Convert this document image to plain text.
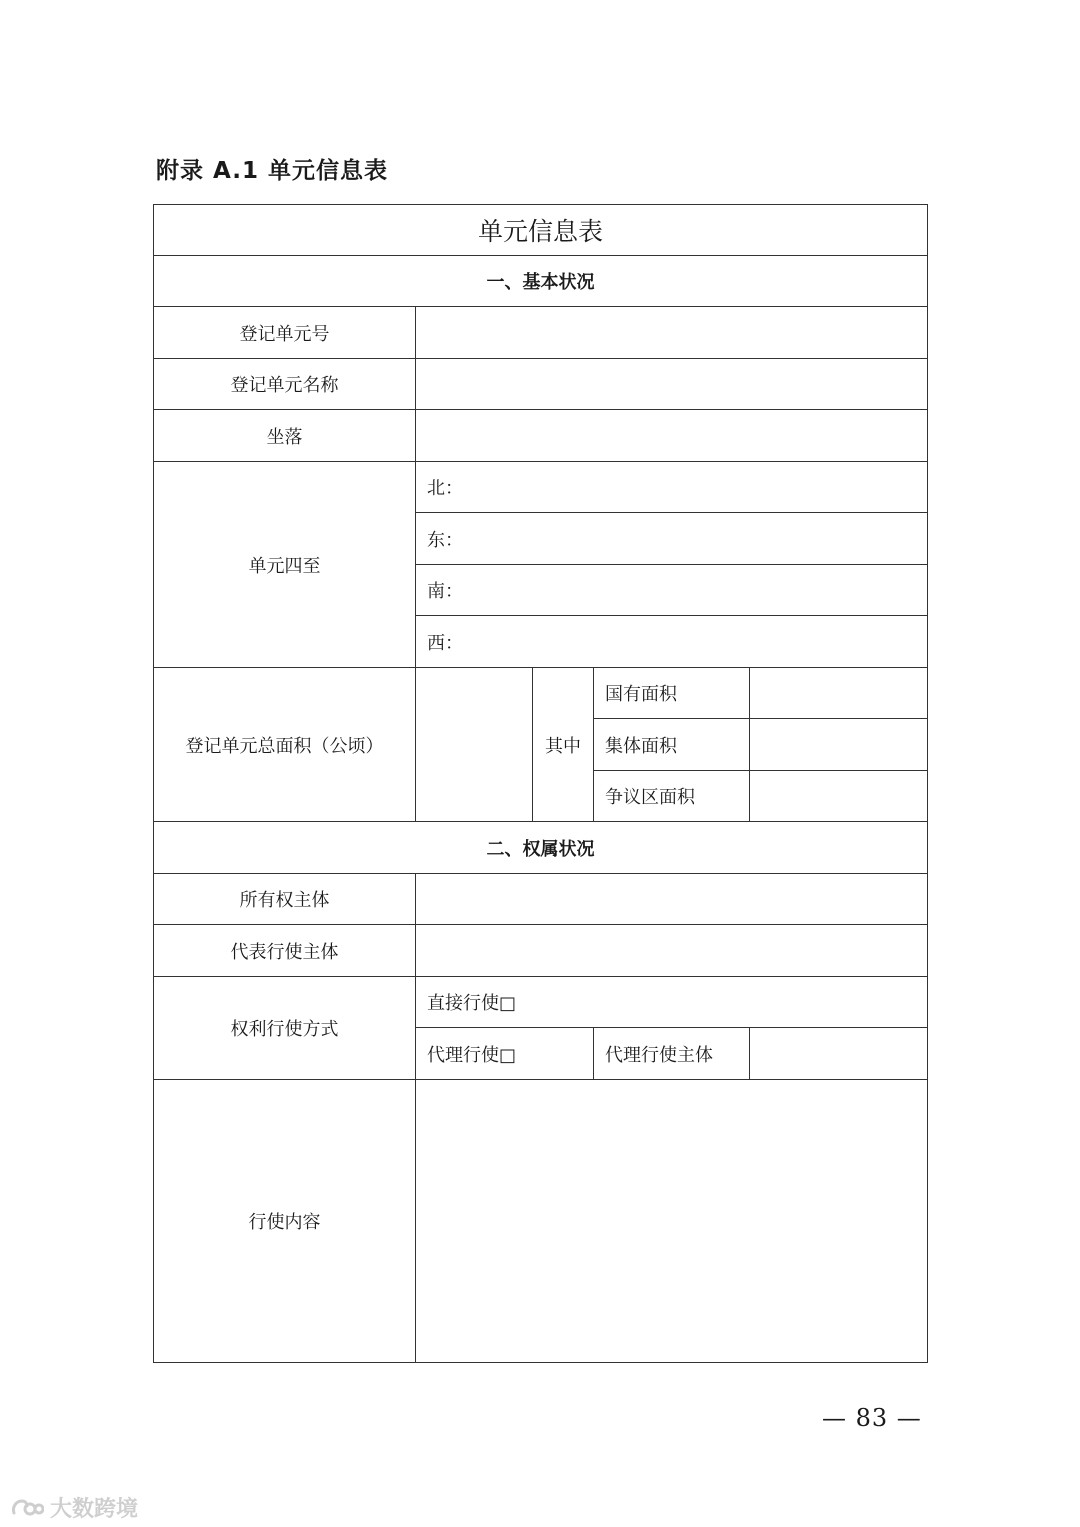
附录 A.1 单元信息表
单元信息表				
一、基本状况				
登记单元号				
登记单元名称				
坐落				
单元四至	北：			
	东：			
	南：			
	西：			
登记单元总面积（公顷）		其中	国有面积	
			集体面积	
			争议区面积	
二、权属状况				
所有权主体				
代表行使主体				
权利行使方式	直接行使□			
	代理行使□		代理行使主体	
行使内容				
— 83 —
大数跨境
